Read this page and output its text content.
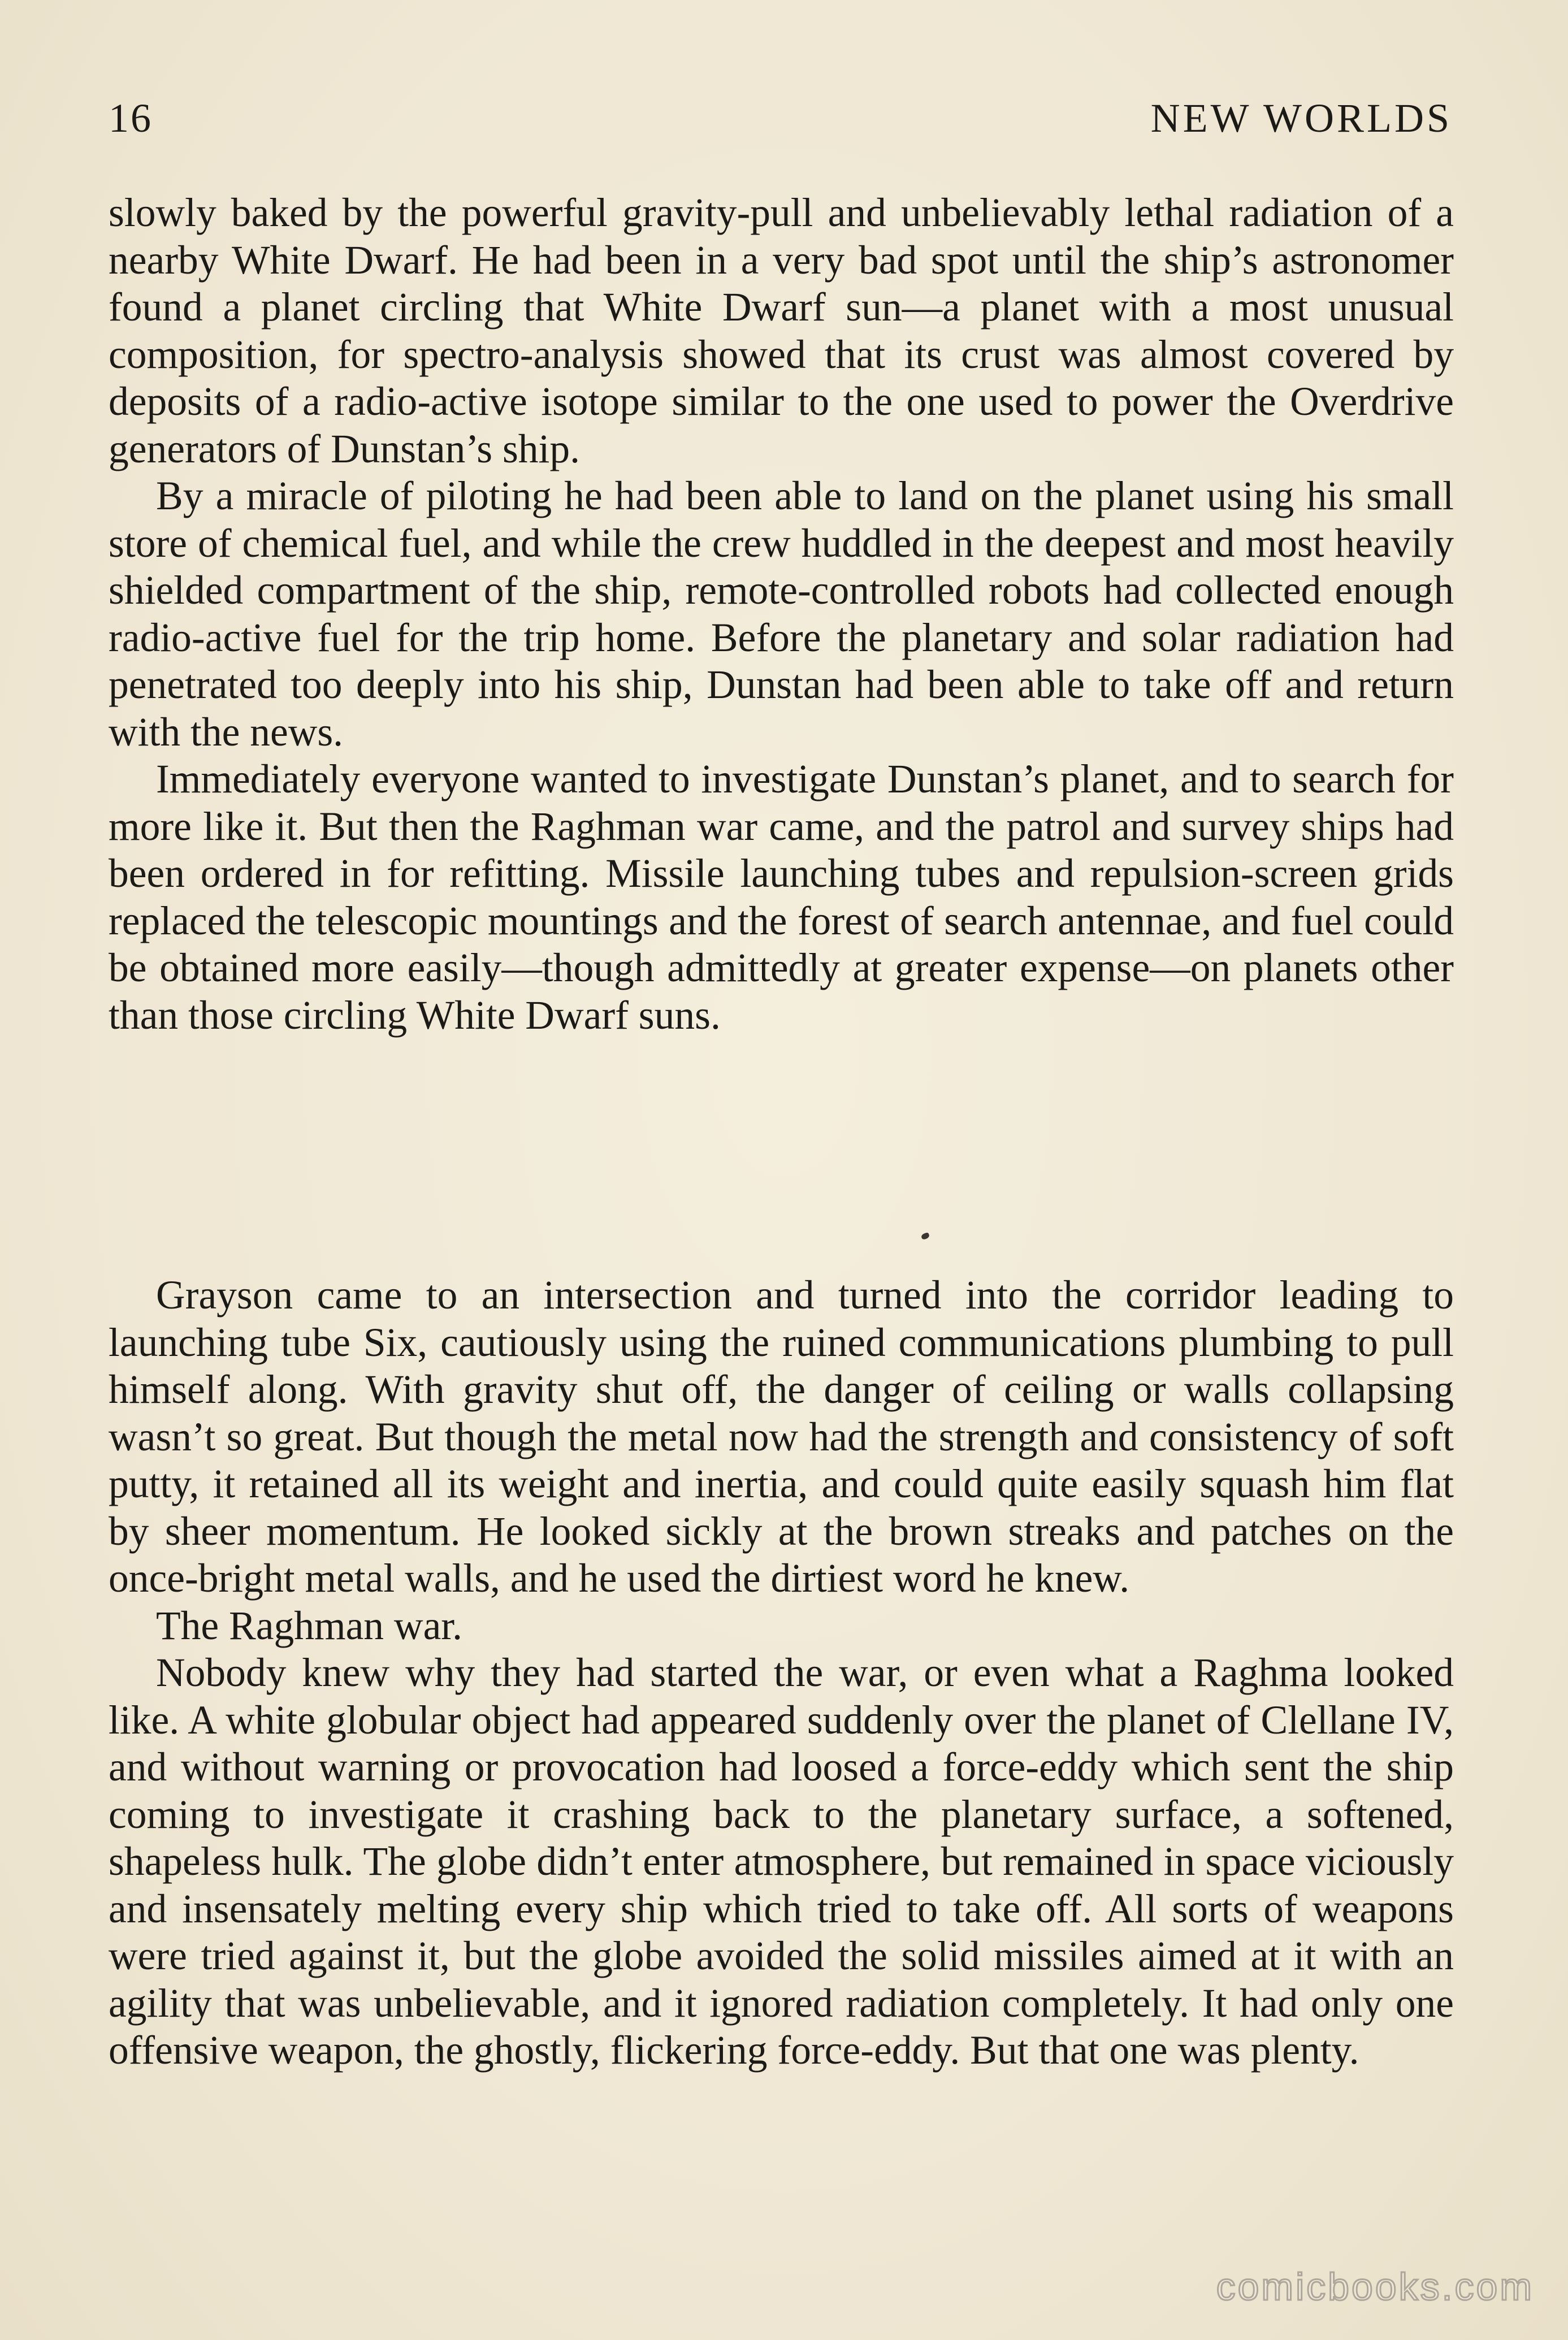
16	NEW WORLDS

slowly baked by the powerful gravity-pull and unbelievably lethal radiation of a nearby White Dwarf. He had been in a very bad spot until the ship’s astronomer found a planet circling that White Dwarf sun—a planet with a most unusual composition, for spectro-analysis showed that its crust was almost covered by deposits of a radio-active isotope similar to the one used to power the Overdrive generators of Dunstan’s ship.

By a miracle of piloting he had been able to land on the planet using his small store of chemical fuel, and while the crew huddled in the deepest and most heavily shielded compartment of the ship, remote-controlled robots had collected enough radio-active fuel for the trip home. Before the planetary and solar radiation had penetrated too deeply into his ship, Dunstan had been able to take off and return with the news.

Immediately everyone wanted to investigate Dunstan’s planet, and to search for more like it. But then the Raghman war came, and the patrol and survey ships had been ordered in for refitting. Missile launching tubes and repulsion-screen grids replaced the telescopic mountings and the forest of search antennae, and fuel could be obtained more easily—though admittedly at greater expense—on planets other than those circling White Dwarf suns.

Grayson came to an intersection and turned into the corridor leading to launching tube Six, cautiously using the ruined communications plumbing to pull himself along. With gravity shut off, the danger of ceiling or walls collapsing wasn’t so great. But though the metal now had the strength and consistency of soft putty, it retained all its weight and inertia, and could quite easily squash him flat by sheer momentum. He looked sickly at the brown streaks and patches on the once-bright metal walls, and he used the dirtiest word he knew.

The Raghman war.

Nobody knew why they had started the war, or even what a Raghma looked like. A white globular object had appeared suddenly over the planet of Clellane IV, and without warning or provocation had loosed a force-eddy which sent the ship coming to investigate it crashing back to the planetary surface, a softened, shapeless hulk. The globe didn’t enter atmosphere, but remained in space viciously and insensately melting every ship which tried to take off. All sorts of weapons were tried against it, but the globe avoided the solid missiles aimed at it with an agility that was unbelievable, and it ignored radiation completely. It had only one offensive weapon, the ghostly, flickering force-eddy. But that one was plenty.

comicbooks.com
